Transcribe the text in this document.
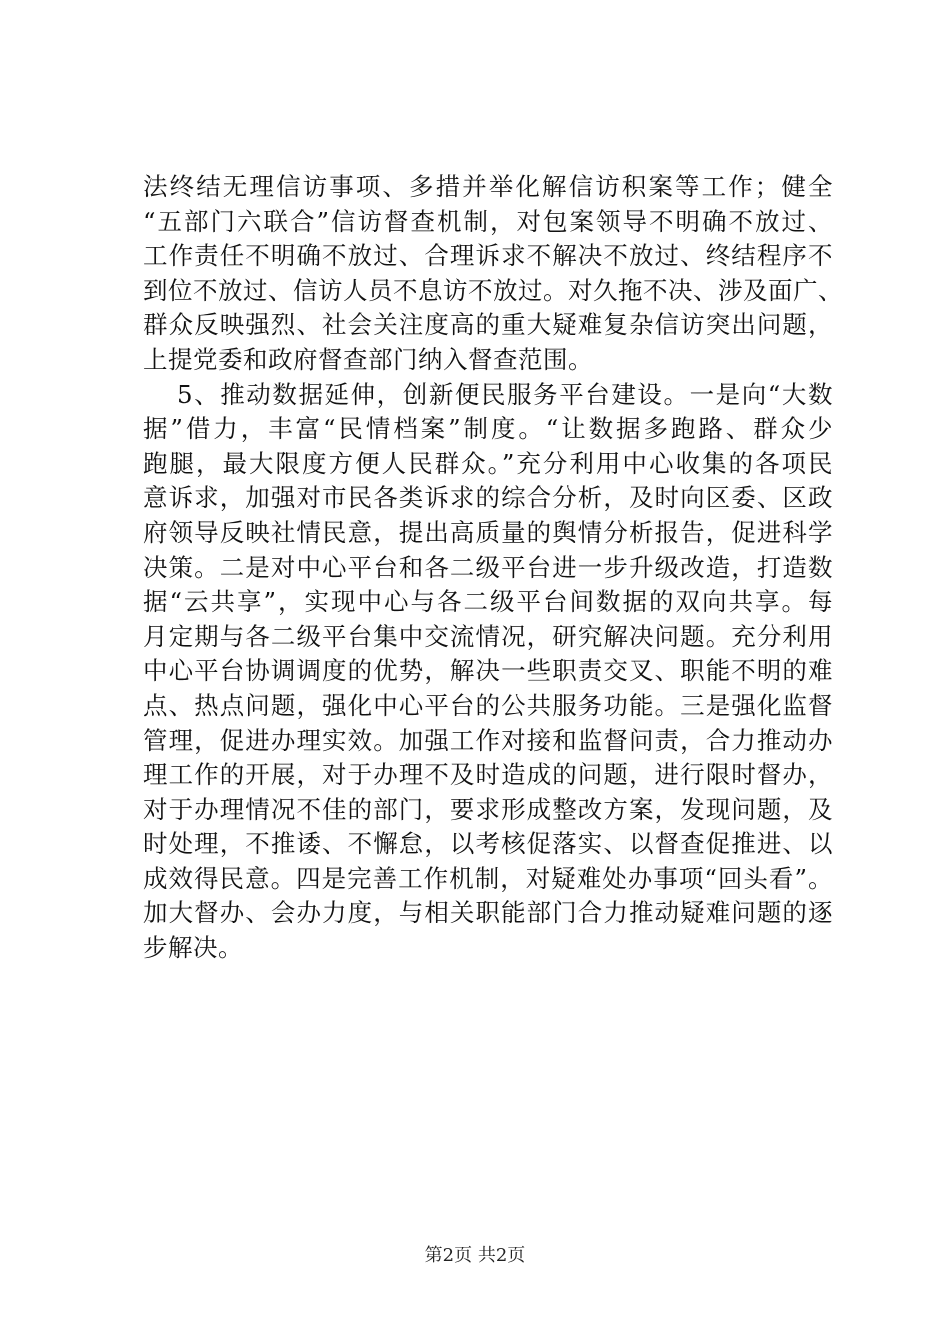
法终结无理信访事项、多措并举化解信访积案等工作；健全
“五部门六联合”信访督查机制，对包案领导不明确不放过、
工作责任不明确不放过、合理诉求不解决不放过、终结程序不
到位不放过、信访人员不息访不放过。对久拖不决、涉及面广、
群众反映强烈、社会关注度高的重大疑难复杂信访突出问题，
上提党委和政府督查部门纳入督查范围。
5、推动数据延伸，创新便民服务平台建设。一是向“大数
据”借力，丰富“民情档案”制度。“让数据多跑路、群众少
跑腿，最大限度方便人民群众。”充分利用中心收集的各项民
意诉求，加强对市民各类诉求的综合分析，及时向区委、区政
府领导反映社情民意，提出高质量的舆情分析报告，促进科学
决策。二是对中心平台和各二级平台进一步升级改造，打造数
据“云共享”，实现中心与各二级平台间数据的双向共享。每
月定期与各二级平台集中交流情况，研究解决问题。充分利用
中心平台协调调度的优势，解决一些职责交叉、职能不明的难
点、热点问题，强化中心平台的公共服务功能。三是强化监督
管理，促进办理实效。加强工作对接和监督问责，合力推动办
理工作的开展，对于办理不及时造成的问题，进行限时督办，
对于办理情况不佳的部门，要求形成整改方案，发现问题，及
时处理，不推诿、不懈怠，以考核促落实、以督查促推进、以
成效得民意。四是完善工作机制，对疑难处办事项“回头看”。
加大督办、会办力度，与相关职能部门合力推动疑难问题的逐
步解决。
第2页 共2页
